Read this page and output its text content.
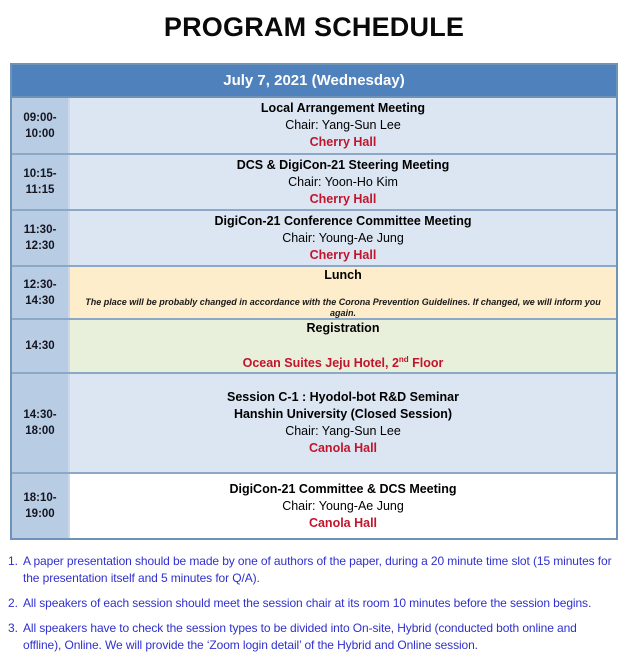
PROGRAM SCHEDULE
July 7, 2021 (Wednesday)
09:00-
10:00
Local Arrangement Meeting
Chair: Yang-Sun Lee
Cherry Hall
10:15-
11:15
DCS & DigiCon-21 Steering Meeting
Chair: Yoon-Ho Kim
Cherry Hall
11:30-
12:30
DigiCon-21 Conference Committee Meeting
Chair: Young-Ae Jung
Cherry Hall
12:30-
14:30
Lunch
The place will be probably changed in accordance with the Corona Prevention Guidelines. If changed, we will inform you again.
14:30
Registration
Ocean Suites Jeju Hotel, 2nd Floor
14:30-
18:00
Session C-1 : Hyodol-bot R&D Seminar
Hanshin University (Closed Session)
Chair: Yang-Sun Lee
Canola Hall
18:10-
19:00
DigiCon-21 Committee & DCS Meeting
Chair: Young-Ae Jung
Canola Hall
1. A paper presentation should be made by one of authors of the paper, during a 20 minute time slot (15 minutes for the presentation itself and 5 minutes for Q/A).
2. All speakers of each session should meet the session chair at its room 10 minutes before the session begins.
3. All speakers have to check the session types to be divided into On-site, Hybrid (conducted both online and offline), Online. We will provide the ‘Zoom login detail’ of the Hybrid and Online session.
